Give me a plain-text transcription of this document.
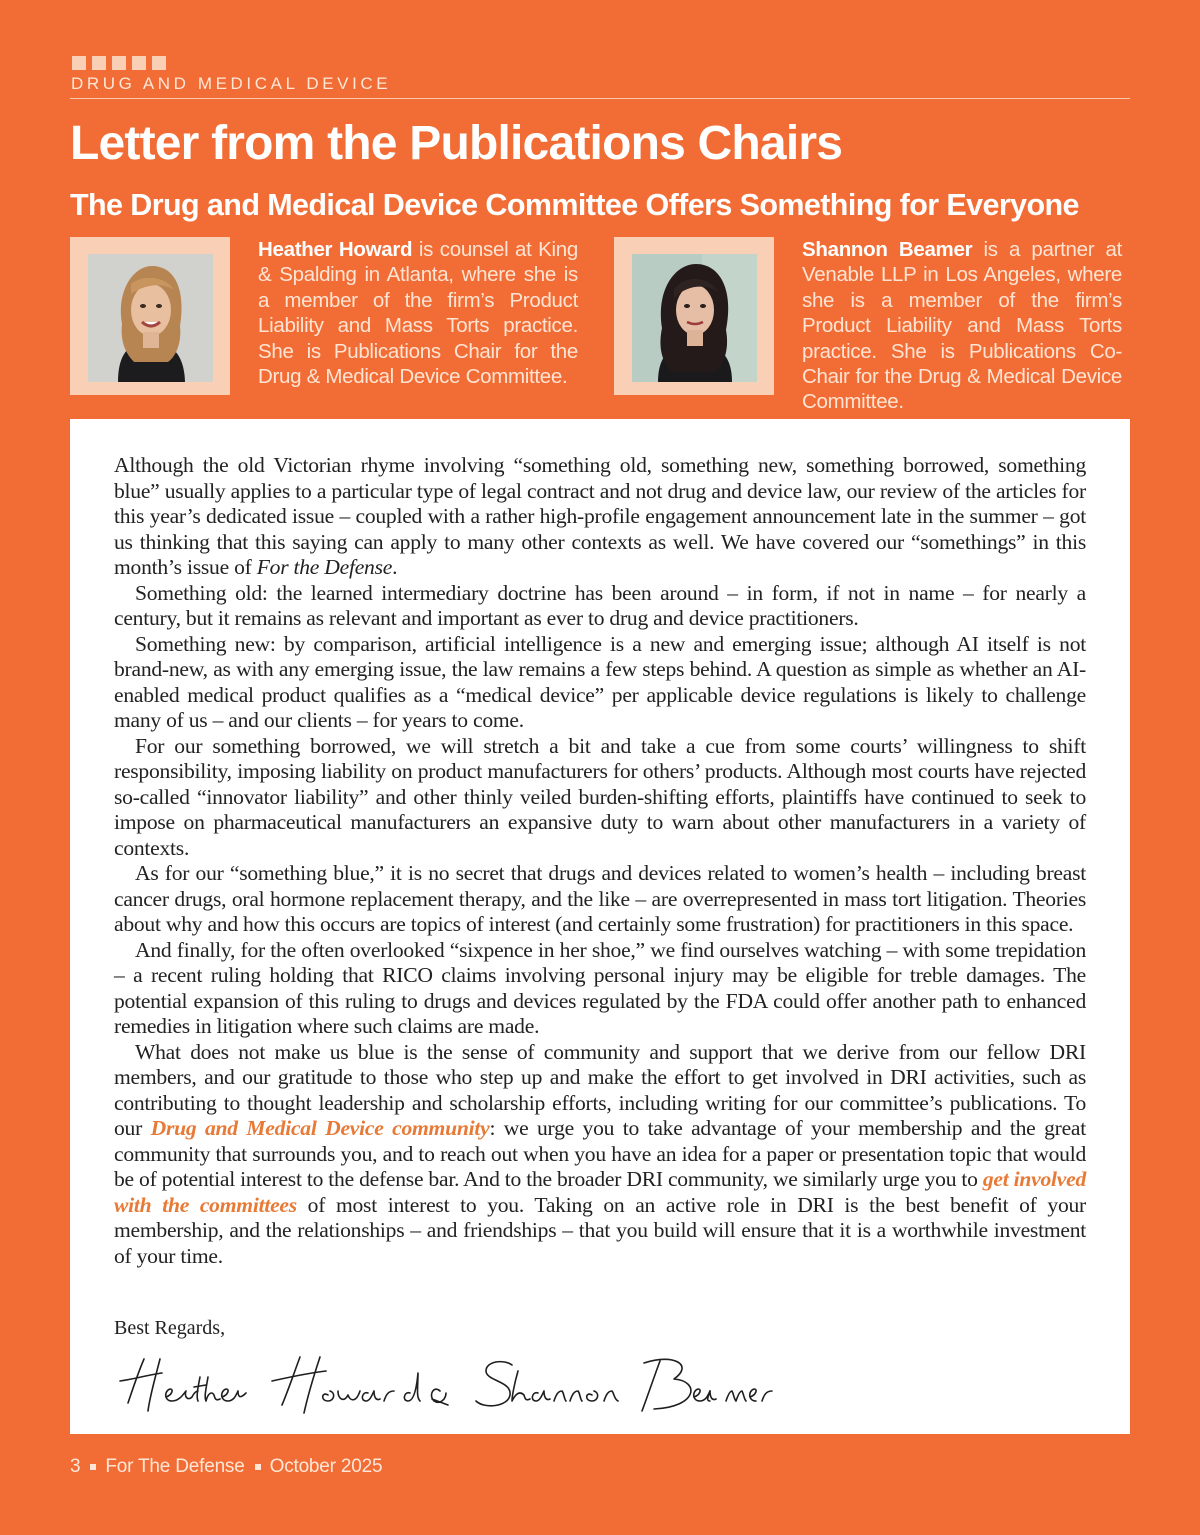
DRUG AND MEDICAL DEVICE
Letter from the Publications Chairs
The Drug and Medical Device Committee Offers Something for Everyone
Heather Howard is counsel at King & Spalding in Atlanta, where she is a member of the firm’s Product Liability and Mass Torts practice. She is Publications Chair for the Drug & Medical Device Committee.
Shannon Beamer is a partner at Venable LLP in Los Angeles, where she is a member of the firm’s Product Liability and Mass Torts practice. She is Publications Co-Chair for the Drug & Medical Device Committee.

Although the old Victorian rhyme involving “something old, something new, something borrowed, something blue” usually applies to a particular type of legal contract and not drug and device law, our review of the articles for this year’s dedicated issue – coupled with a rather high-profile engagement announcement late in the summer – got us thinking that this saying can apply to many other contexts as well. We have covered our “somethings” in this month’s issue of For the Defense.

Something old: the learned intermediary doctrine has been around – in form, if not in name – for nearly a century, but it remains as relevant and important as ever to drug and device practitioners.

Something new: by comparison, artificial intelligence is a new and emerging issue; although AI itself is not brand-new, as with any emerging issue, the law remains a few steps behind. A question as simple as whether an AI-enabled medical product qualifies as a “medical device” per applicable device regulations is likely to challenge many of us – and our clients – for years to come.

For our something borrowed, we will stretch a bit and take a cue from some courts’ willingness to shift responsibility, imposing liability on product manufacturers for others’ products. Although most courts have rejected so-called “innovator liability” and other thinly veiled burden-shifting efforts, plaintiffs have continued to seek to impose on pharmaceutical manufacturers an expansive duty to warn about other manufacturers in a variety of contexts.

As for our “something blue,” it is no secret that drugs and devices related to women’s health – including breast cancer drugs, oral hormone replacement therapy, and the like – are overrepresented in mass tort litigation. Theories about why and how this occurs are topics of interest (and certainly some frustration) for practitioners in this space.

And finally, for the often overlooked “sixpence in her shoe,” we find ourselves watching – with some trepidation – a recent ruling holding that RICO claims involving personal injury may be eligible for treble damages. The potential expansion of this ruling to drugs and devices regulated by the FDA could offer another path to enhanced remedies in litigation where such claims are made.

What does not make us blue is the sense of community and support that we derive from our fellow DRI members, and our gratitude to those who step up and make the effort to get involved in DRI activities, such as contributing to thought leadership and scholarship efforts, including writing for our committee’s publications. To our Drug and Medical Device community: we urge you to take advantage of your membership and the great community that surrounds you, and to reach out when you have an idea for a paper or presentation topic that would be of potential interest to the defense bar. And to the broader DRI community, we similarly urge you to get involved with the committees of most interest to you. Taking on an active role in DRI is the best benefit of your membership, and the relationships – and friendships – that you build will ensure that it is a worthwhile investment of your time.

Best Regards,

Heather Howard & Shannon Beamer
3 For The Defense October 2025
